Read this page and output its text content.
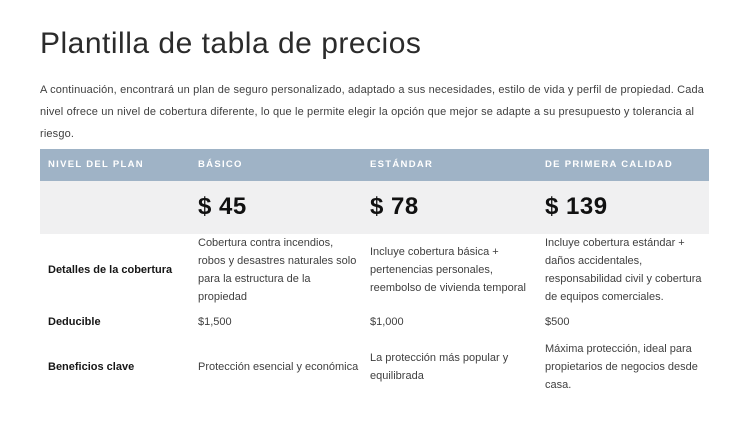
Plantilla de tabla de precios

A continuación, encontrará un plan de seguro personalizado, adaptado a sus necesidades, estilo de vida y perfil de propiedad. Cada nivel ofrece un nivel de cobertura diferente, lo que le permite elegir la opción que mejor se adapte a su presupuesto y tolerancia al riesgo.

NIVEL DEL PLAN	BÁSICO	ESTÁNDAR	DE PRIMERA CALIDAD
	$ 45	$ 78	$ 139
Detalles de la cobertura	Cobertura contra incendios, robos y desastres naturales solo para la estructura de la propiedad	Incluye cobertura básica + pertenencias personales, reembolso de vivienda temporal	Incluye cobertura estándar + daños accidentales, responsabilidad civil y cobertura de equipos comerciales.
Deducible	$1,500	$1,000	$500
Beneficios clave	Protección esencial y económica	La protección más popular y equilibrada	Máxima protección, ideal para propietarios de negocios desde casa.
